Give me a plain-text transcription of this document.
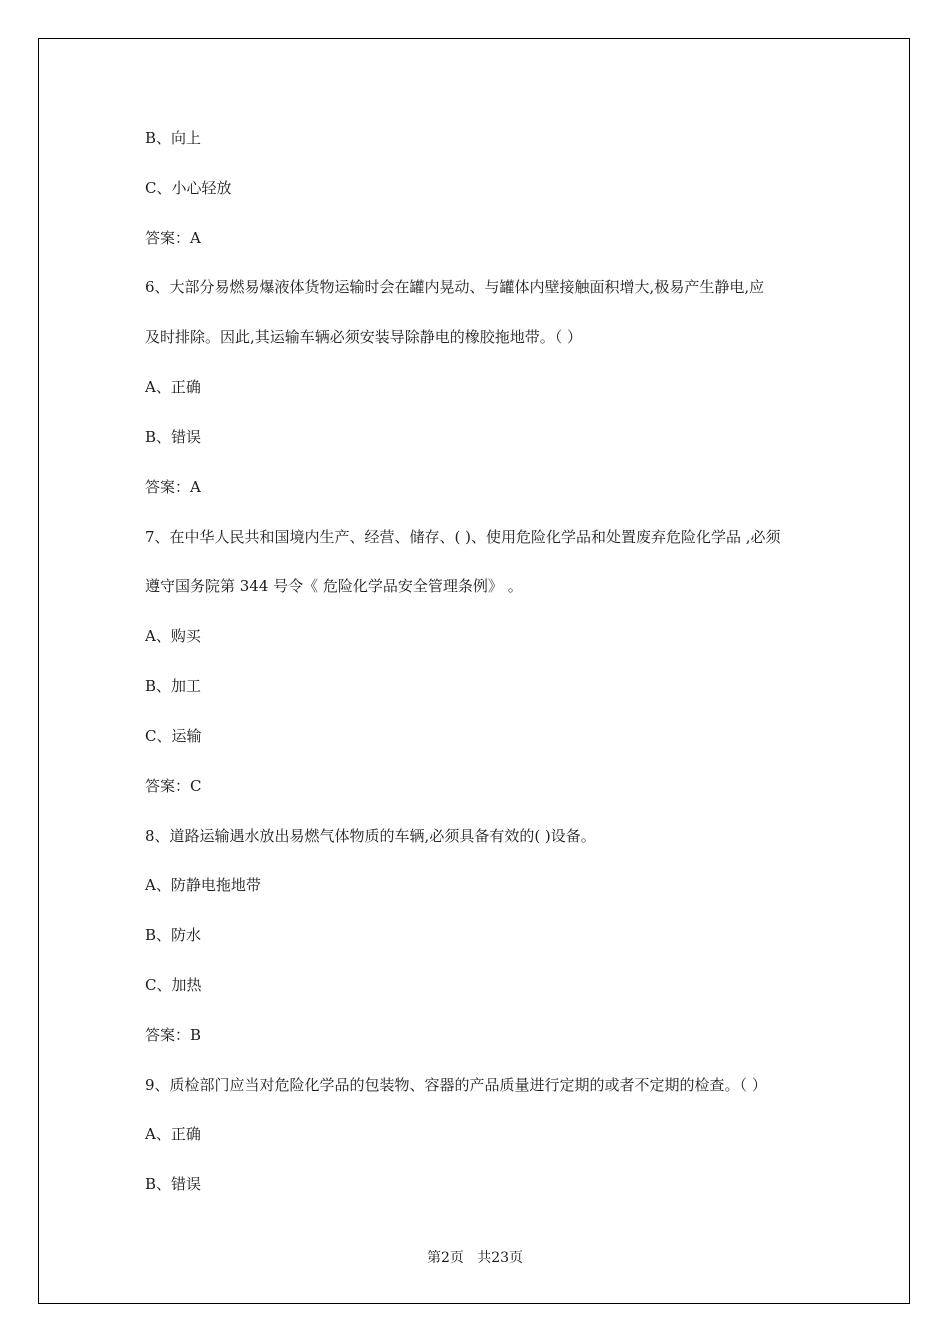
B、向上
C、小心轻放
答案：A
6、大部分易燃易爆液体货物运输时会在罐内晃动、与罐体内壁接触面积增大,极易产生静电,应
及时排除。因此,其运输车辆必须安装导除静电的橡胶拖地带。（ ）
A、正确
B、错误
答案：A
7、在中华人民共和国境内生产、经营、储存、( )、使用危险化学品和处置废弃危险化学品 ,必须
遵守国务院第 344 号令《 危险化学品安全管理条例》 。
A、购买
B、加工
C、运输
答案：C
8、道路运输遇水放出易燃气体物质的车辆,必须具备有效的( )设备。
A、防静电拖地带
B、防水
C、加热
答案：B
9、质检部门应当对危险化学品的包装物、容器的产品质量进行定期的或者不定期的检查。（ ）
A、正确
B、错误
第2页   共23页
